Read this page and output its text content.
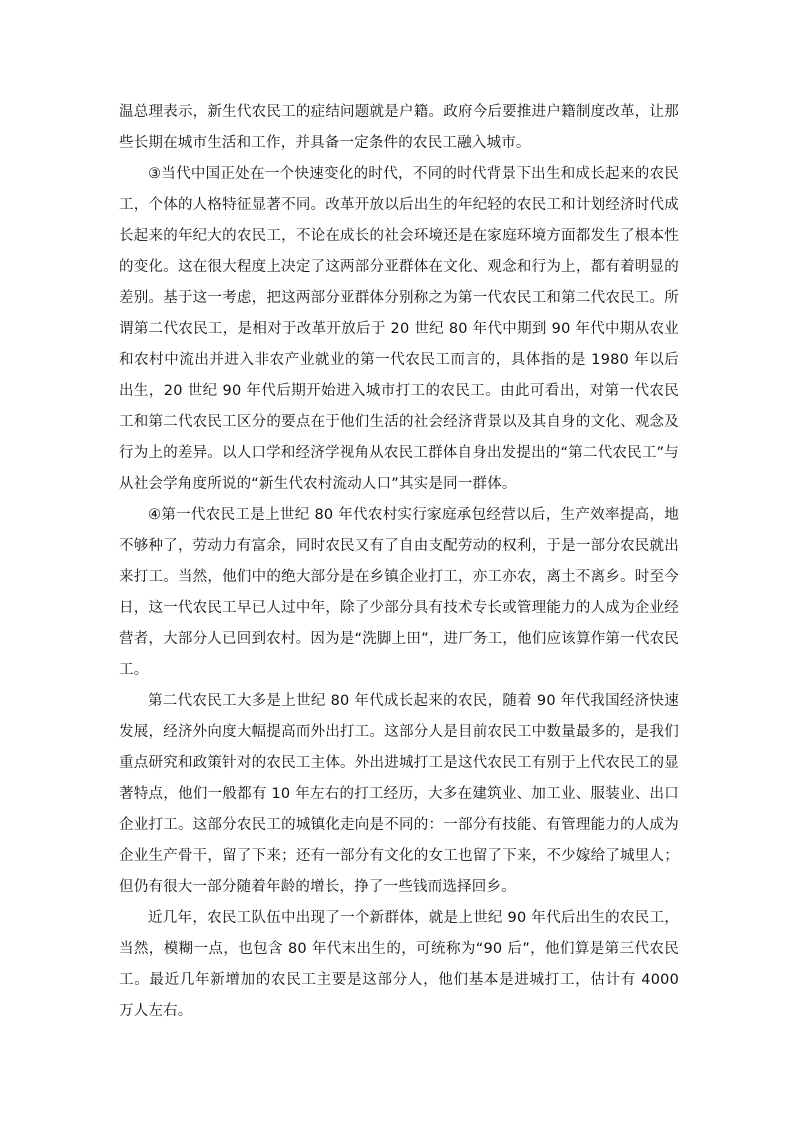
温总理表示，新生代农民工的症结问题就是户籍。政府今后要推进户籍制度改革，让那些长期在城市生活和工作，并具备一定条件的农民工融入城市。

③当代中国正处在一个快速变化的时代，不同的时代背景下出生和成长起来的农民工，个体的人格特征显著不同。改革开放以后出生的年纪轻的农民工和计划经济时代成长起来的年纪大的农民工，不论在成长的社会环境还是在家庭环境方面都发生了根本性的变化。这在很大程度上决定了这两部分亚群体在文化、观念和行为上，都有着明显的差别。基于这一考虑，把这两部分亚群体分别称之为第一代农民工和第二代农民工。所谓第二代农民工，是相对于改革开放后于 20 世纪 80 年代中期到 90 年代中期从农业和农村中流出并进入非农产业就业的第一代农民工而言的，具体指的是 1980 年以后出生，20 世纪 90 年代后期开始进入城市打工的农民工。由此可看出，对第一代农民工和第二代农民工区分的要点在于他们生活的社会经济背景以及其自身的文化、观念及行为上的差异。以人口学和经济学视角从农民工群体自身出发提出的“第二代农民工”与从社会学角度所说的“新生代农村流动人口”其实是同一群体。

④第一代农民工是上世纪 80 年代农村实行家庭承包经营以后，生产效率提高，地不够种了，劳动力有富余，同时农民又有了自由支配劳动的权利，于是一部分农民就出来打工。当然，他们中的绝大部分是在乡镇企业打工，亦工亦农，离土不离乡。时至今日，这一代农民工早已人过中年，除了少部分具有技术专长或管理能力的人成为企业经营者，大部分人已回到农村。因为是“洗脚上田”，进厂务工，他们应该算作第一代农民工。

第二代农民工大多是上世纪 80 年代成长起来的农民，随着 90 年代我国经济快速发展，经济外向度大幅提高而外出打工。这部分人是目前农民工中数量最多的，是我们重点研究和政策针对的农民工主体。外出进城打工是这代农民工有别于上代农民工的显著特点，他们一般都有 10 年左右的打工经历，大多在建筑业、加工业、服装业、出口企业打工。这部分农民工的城镇化走向是不同的：一部分有技能、有管理能力的人成为企业生产骨干，留了下来；还有一部分有文化的女工也留了下来，不少嫁给了城里人；但仍有很大一部分随着年龄的增长，挣了一些钱而选择回乡。

近几年，农民工队伍中出现了一个新群体，就是上世纪 90 年代后出生的农民工，当然，模糊一点，也包含 80 年代末出生的，可统称为“90 后”，他们算是第三代农民工。最近几年新增加的农民工主要是这部分人，他们基本是进城打工，估计有 4000 万人左右。
